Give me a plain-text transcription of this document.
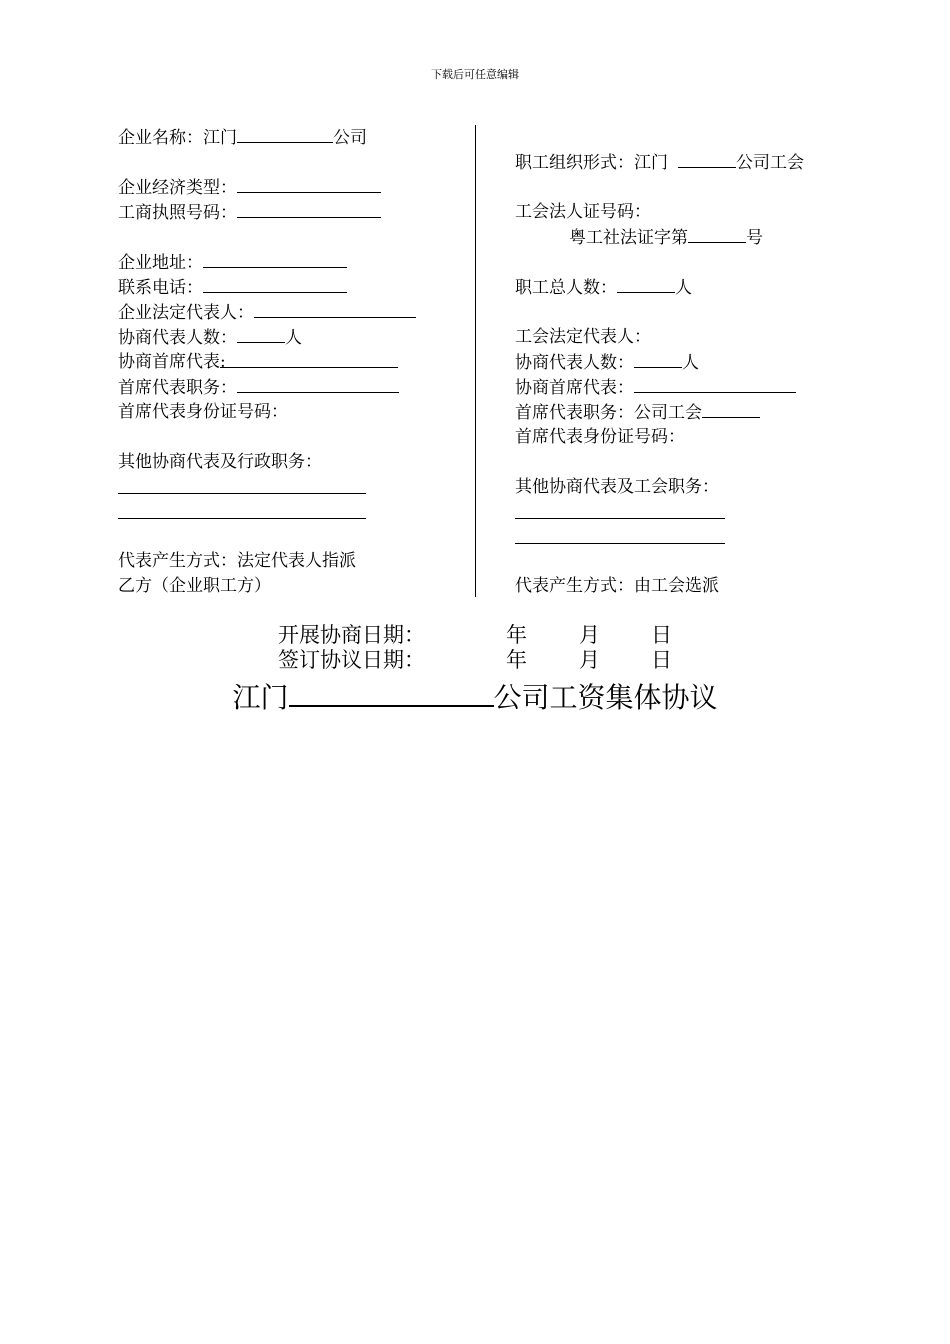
下载后可任意编辑
企业名称：江门	公司
企业经济类型：
工商执照号码：
企业地址：
联系电话：
企业法定代表人：
协商代表人数：	人
协商首席代表:
首席代表职务：
首席代表身份证号码：
其他协商代表及行政职务：
代表产生方式：法定代表人指派
乙方（企业职工方）
职工组织形式：江门	公司工会
工会法人证号码：
粤工社法证字第	号
职工总人数：	人
工会法定代表人：
协商代表人数：	人
协商首席代表：
首席代表职务：公司工会
首席代表身份证号码：
其他协商代表及工会职务：
代表产生方式：由工会选派
开展协商日期：	年 月 日
签订协议日期：	年 月 日
江门	公司工资集体协议
